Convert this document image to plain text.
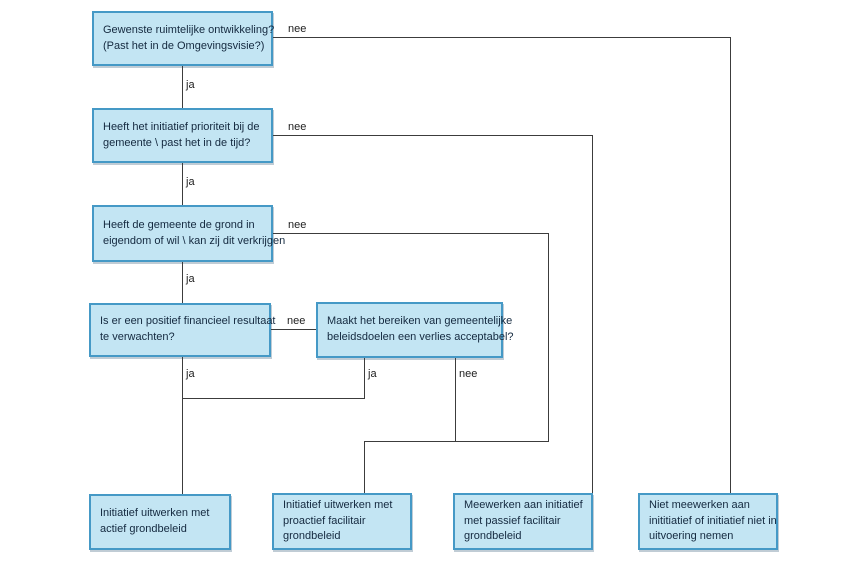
Gewenste ruimtelijke ontwikkeling?
(Past het in de Omgevingsvisie?)
Heeft het initiatief prioriteit bij de
gemeente \ past het in de tijd?
Heeft de gemeente de grond in
eigendom of wil \ kan zij dit verkrijgen
Is er een positief financieel resultaat
te verwachten?
Maakt het bereiken van gemeentelijke
beleidsdoelen een verlies acceptabel?
Initiatief uitwerken met
actief grondbeleid
Initiatief uitwerken met
proactief facilitair
grondbeleid
Meewerken aan initiatief
met passief facilitair
grondbeleid
Niet meewerken aan
inititiatief of initiatief niet in
uitvoering nemen
ja
nee
ja
nee
ja
nee
ja
nee
ja	nee
